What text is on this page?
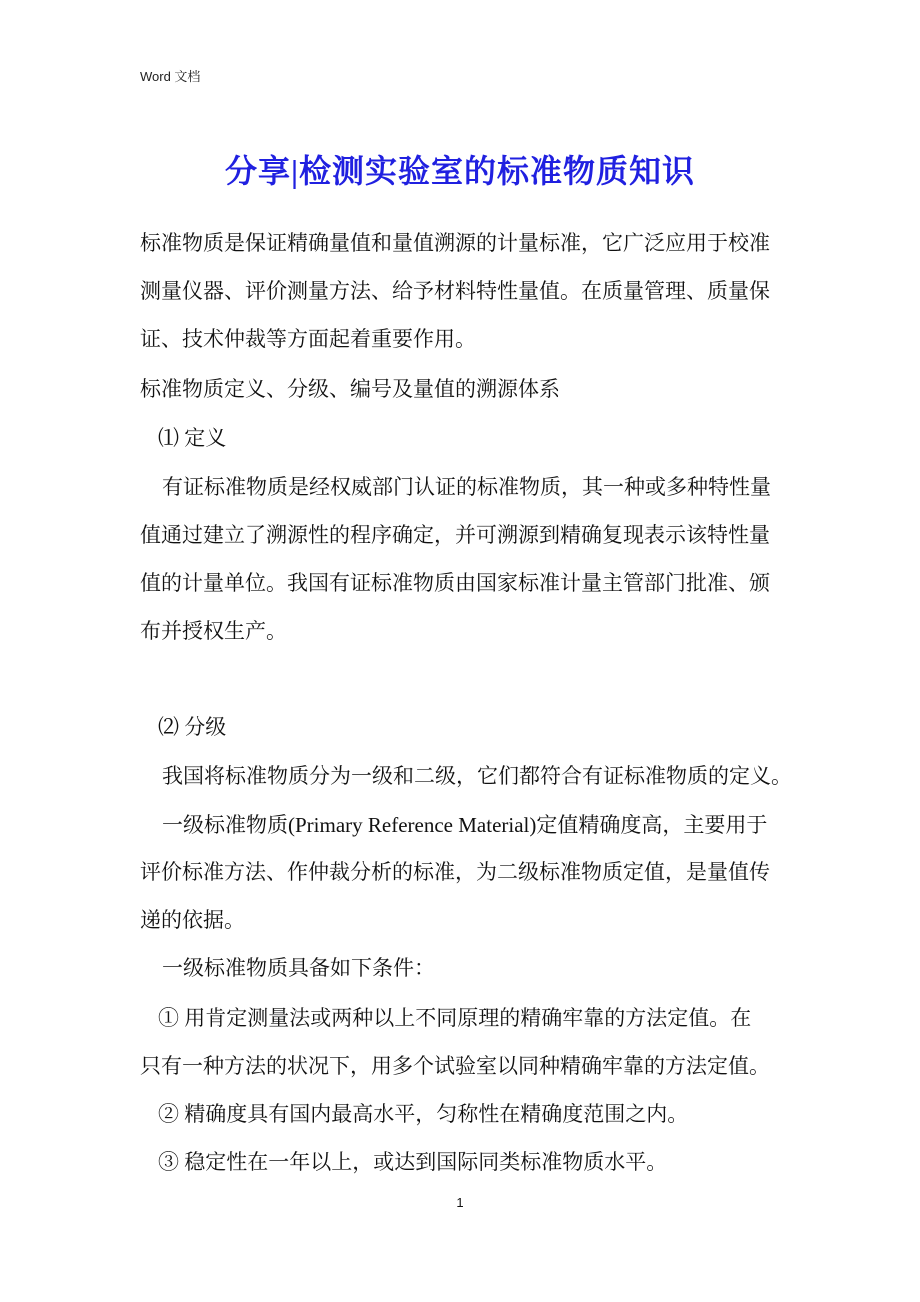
Word 文档
分享|检测实验室的标准物质知识
标准物质是保证精确量值和量值溯源的计量标准，它广泛应用于校准
测量仪器、评价测量方法、给予材料特性量值。在质量管理、质量保
证、技术仲裁等方面起着重要作用。
标准物质定义、分级、编号及量值的溯源体系
⑴ 定义
有证标准物质是经权威部门认证的标准物质，其一种或多种特性量
值通过建立了溯源性的程序确定，并可溯源到精确复现表示该特性量
值的计量单位。我国有证标准物质由国家标准计量主管部门批准、颁
布并授权生产。
⑵ 分级
我国将标准物质分为一级和二级，它们都符合有证标准物质的定义。
一级标准物质(Primary Reference Material)定值精确度高，主要用于
评价标准方法、作仲裁分析的标准，为二级标准物质定值，是量值传
递的依据。
一级标准物质具备如下条件：
① 用肯定测量法或两种以上不同原理的精确牢靠的方法定值。在
只有一种方法的状况下，用多个试验室以同种精确牢靠的方法定值。
② 精确度具有国内最高水平，匀称性在精确度范围之内。
③ 稳定性在一年以上，或达到国际同类标准物质水平。
1
